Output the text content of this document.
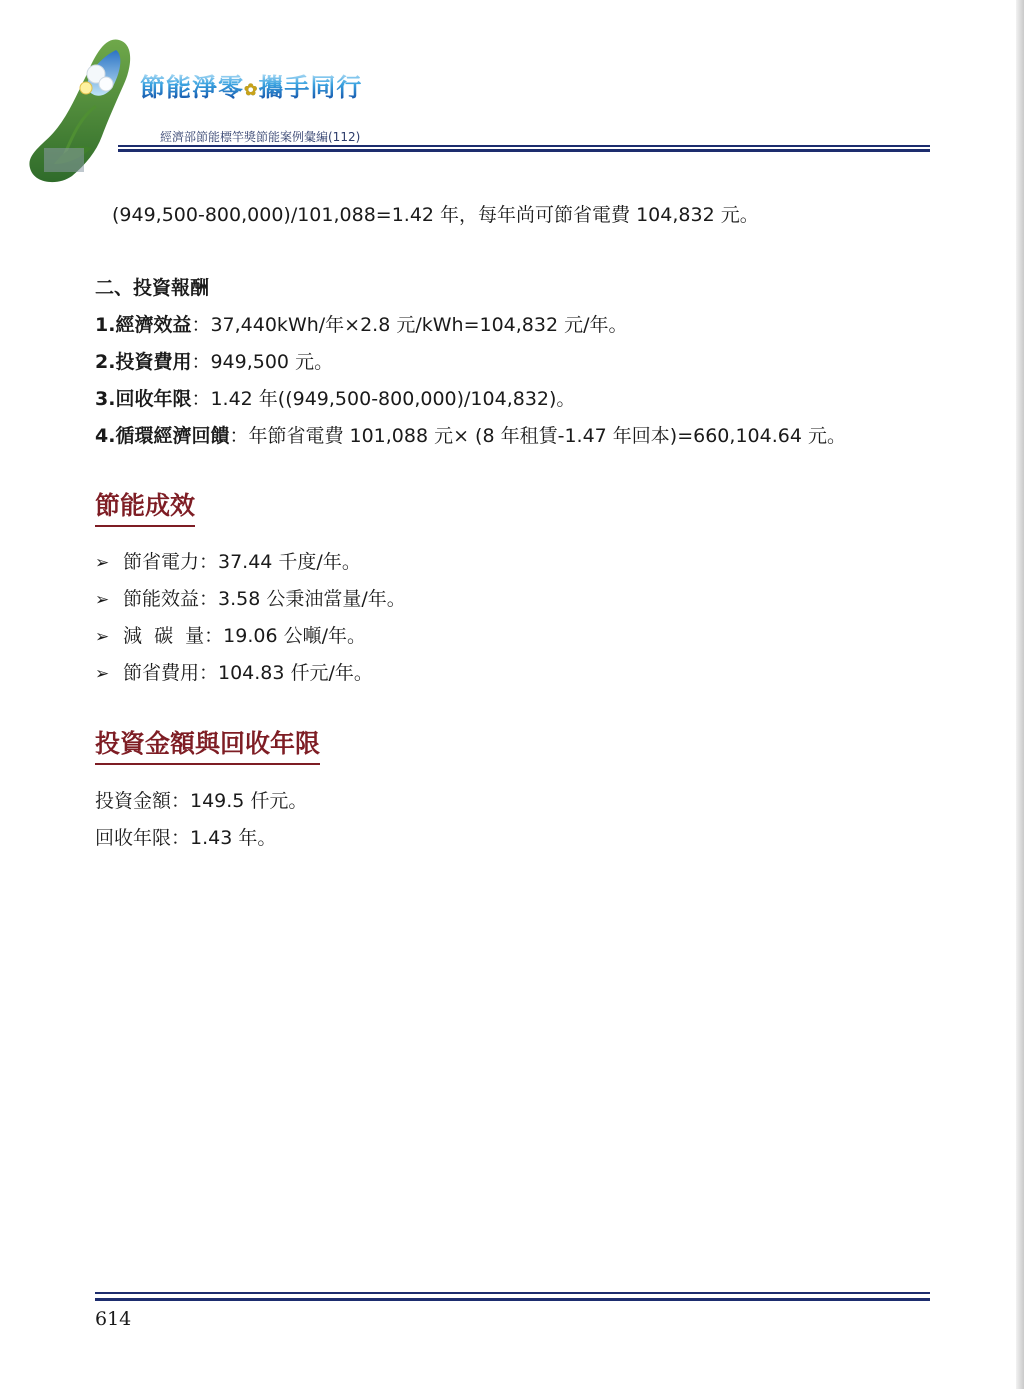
節能淨零✿攜手同行
經濟部節能標竿獎節能案例彙編(112)
(949,500-800,000)/101,088=1.42 年，每年尚可節省電費 104,832 元。
二、投資報酬
1.經濟效益：37,440kWh/年×2.8 元/kWh=104,832 元/年。
2.投資費用：949,500 元。
3.回收年限：1.42 年((949,500-800,000)/104,832)。
4.循環經濟回饋：年節省電費 101,088 元× (8 年租賃-1.47 年回本)=660,104.64 元。
節能成效
➢ 節省電力：37.44 千度/年。
➢ 節能效益：3.58 公秉油當量/年。
➢ 減  碳  量：19.06 公噸/年。
➢ 節省費用：104.83 仟元/年。
投資金額與回收年限
投資金額：149.5 仟元。
回收年限：1.43 年。
614
